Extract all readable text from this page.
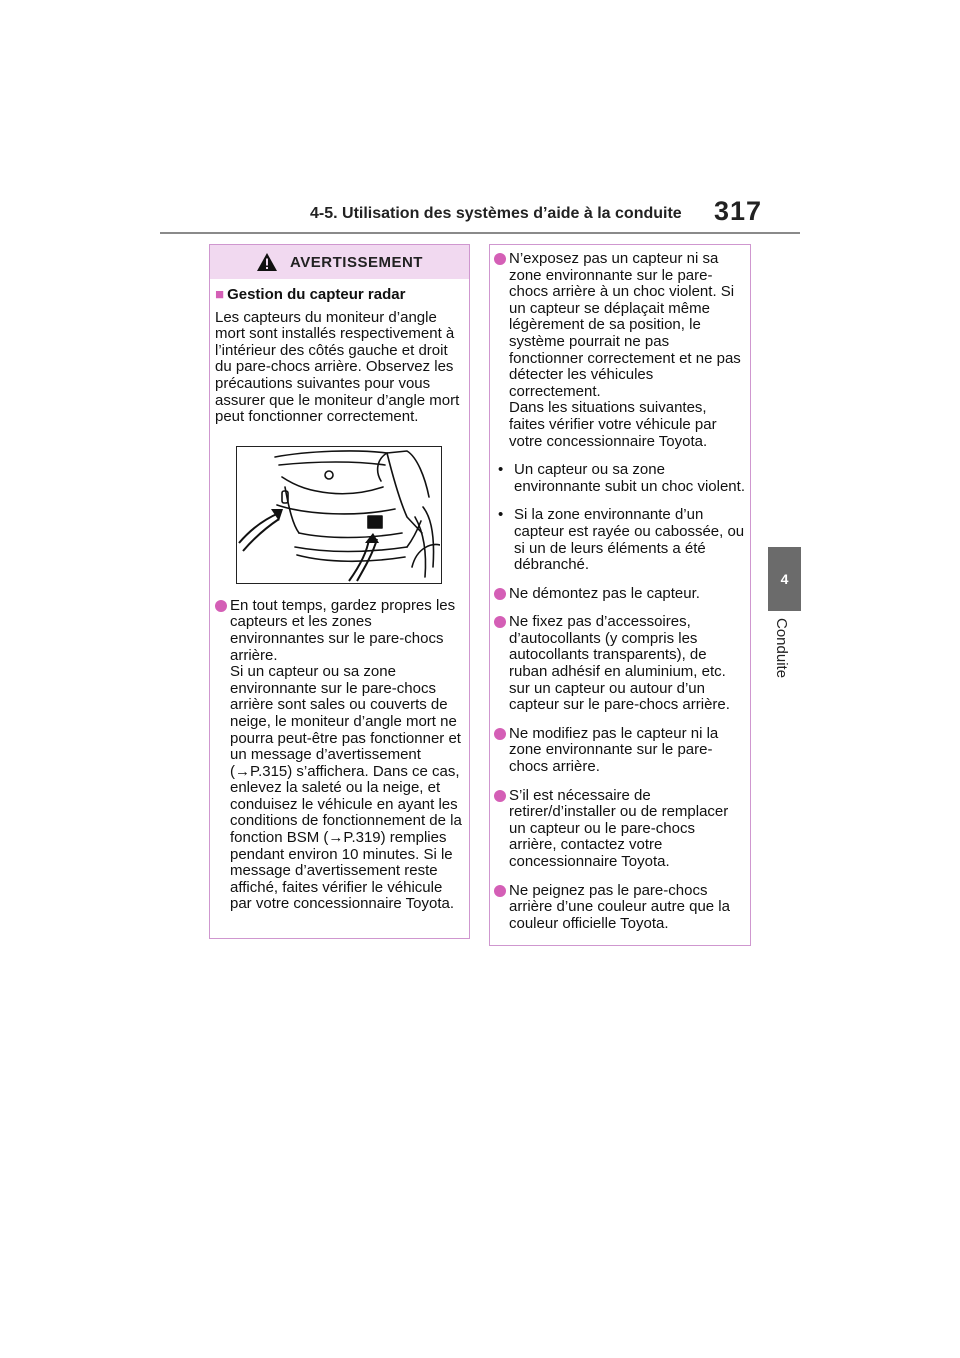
4-5. Utilisation des systèmes d’aide à la conduite 317
4
Conduite
AVERTISSEMENT
■ Gestion du capteur radar
Les capteurs du moniteur d’angle mort sont installés respectivement à l’intérieur des côtés gauche et droit du pare-chocs arrière. Observez les précautions suivantes pour vous assurer que le moniteur d’angle mort peut fonctionner correctement.
En tout temps, gardez propres les capteurs et les zones environnantes sur le pare-chocs arrière.
Si un capteur ou sa zone environnante sur le pare-chocs arrière sont sales ou couverts de neige, le moniteur d’angle mort ne pourra peut-être pas fonctionner et un message d’avertissement (→P.315) s’affichera. Dans ce cas, enlevez la saleté ou la neige, et conduisez le véhicule en ayant les conditions de fonctionnement de la fonction BSM (→P.319) remplies pendant environ 10 minutes. Si le message d’avertissement reste affiché, faites vérifier le véhicule par votre concessionnaire Toyota.
N’exposez pas un capteur ni sa zone environnante sur le pare-chocs arrière à un choc violent. Si un capteur se déplaçait même légèrement de sa position, le système pourrait ne pas fonctionner correctement et ne pas détecter les véhicules correctement.
Dans les situations suivantes, faites vérifier votre véhicule par votre concessionnaire Toyota.
• Un capteur ou sa zone environnante subit un choc violent.
• Si la zone environnante d’un capteur est rayée ou cabossée, ou si un de leurs éléments a été débranché.
Ne démontez pas le capteur.
Ne fixez pas d’accessoires, d’autocollants (y compris les autocollants transparents), de ruban adhésif en aluminium, etc. sur un capteur ou autour d’un capteur sur le pare-chocs arrière.
Ne modifiez pas le capteur ni la zone environnante sur le pare-chocs arrière.
S’il est nécessaire de retirer/d’installer ou de remplacer un capteur ou le pare-chocs arrière, contactez votre concessionnaire Toyota.
Ne peignez pas le pare-chocs arrière d’une couleur autre que la couleur officielle Toyota.
